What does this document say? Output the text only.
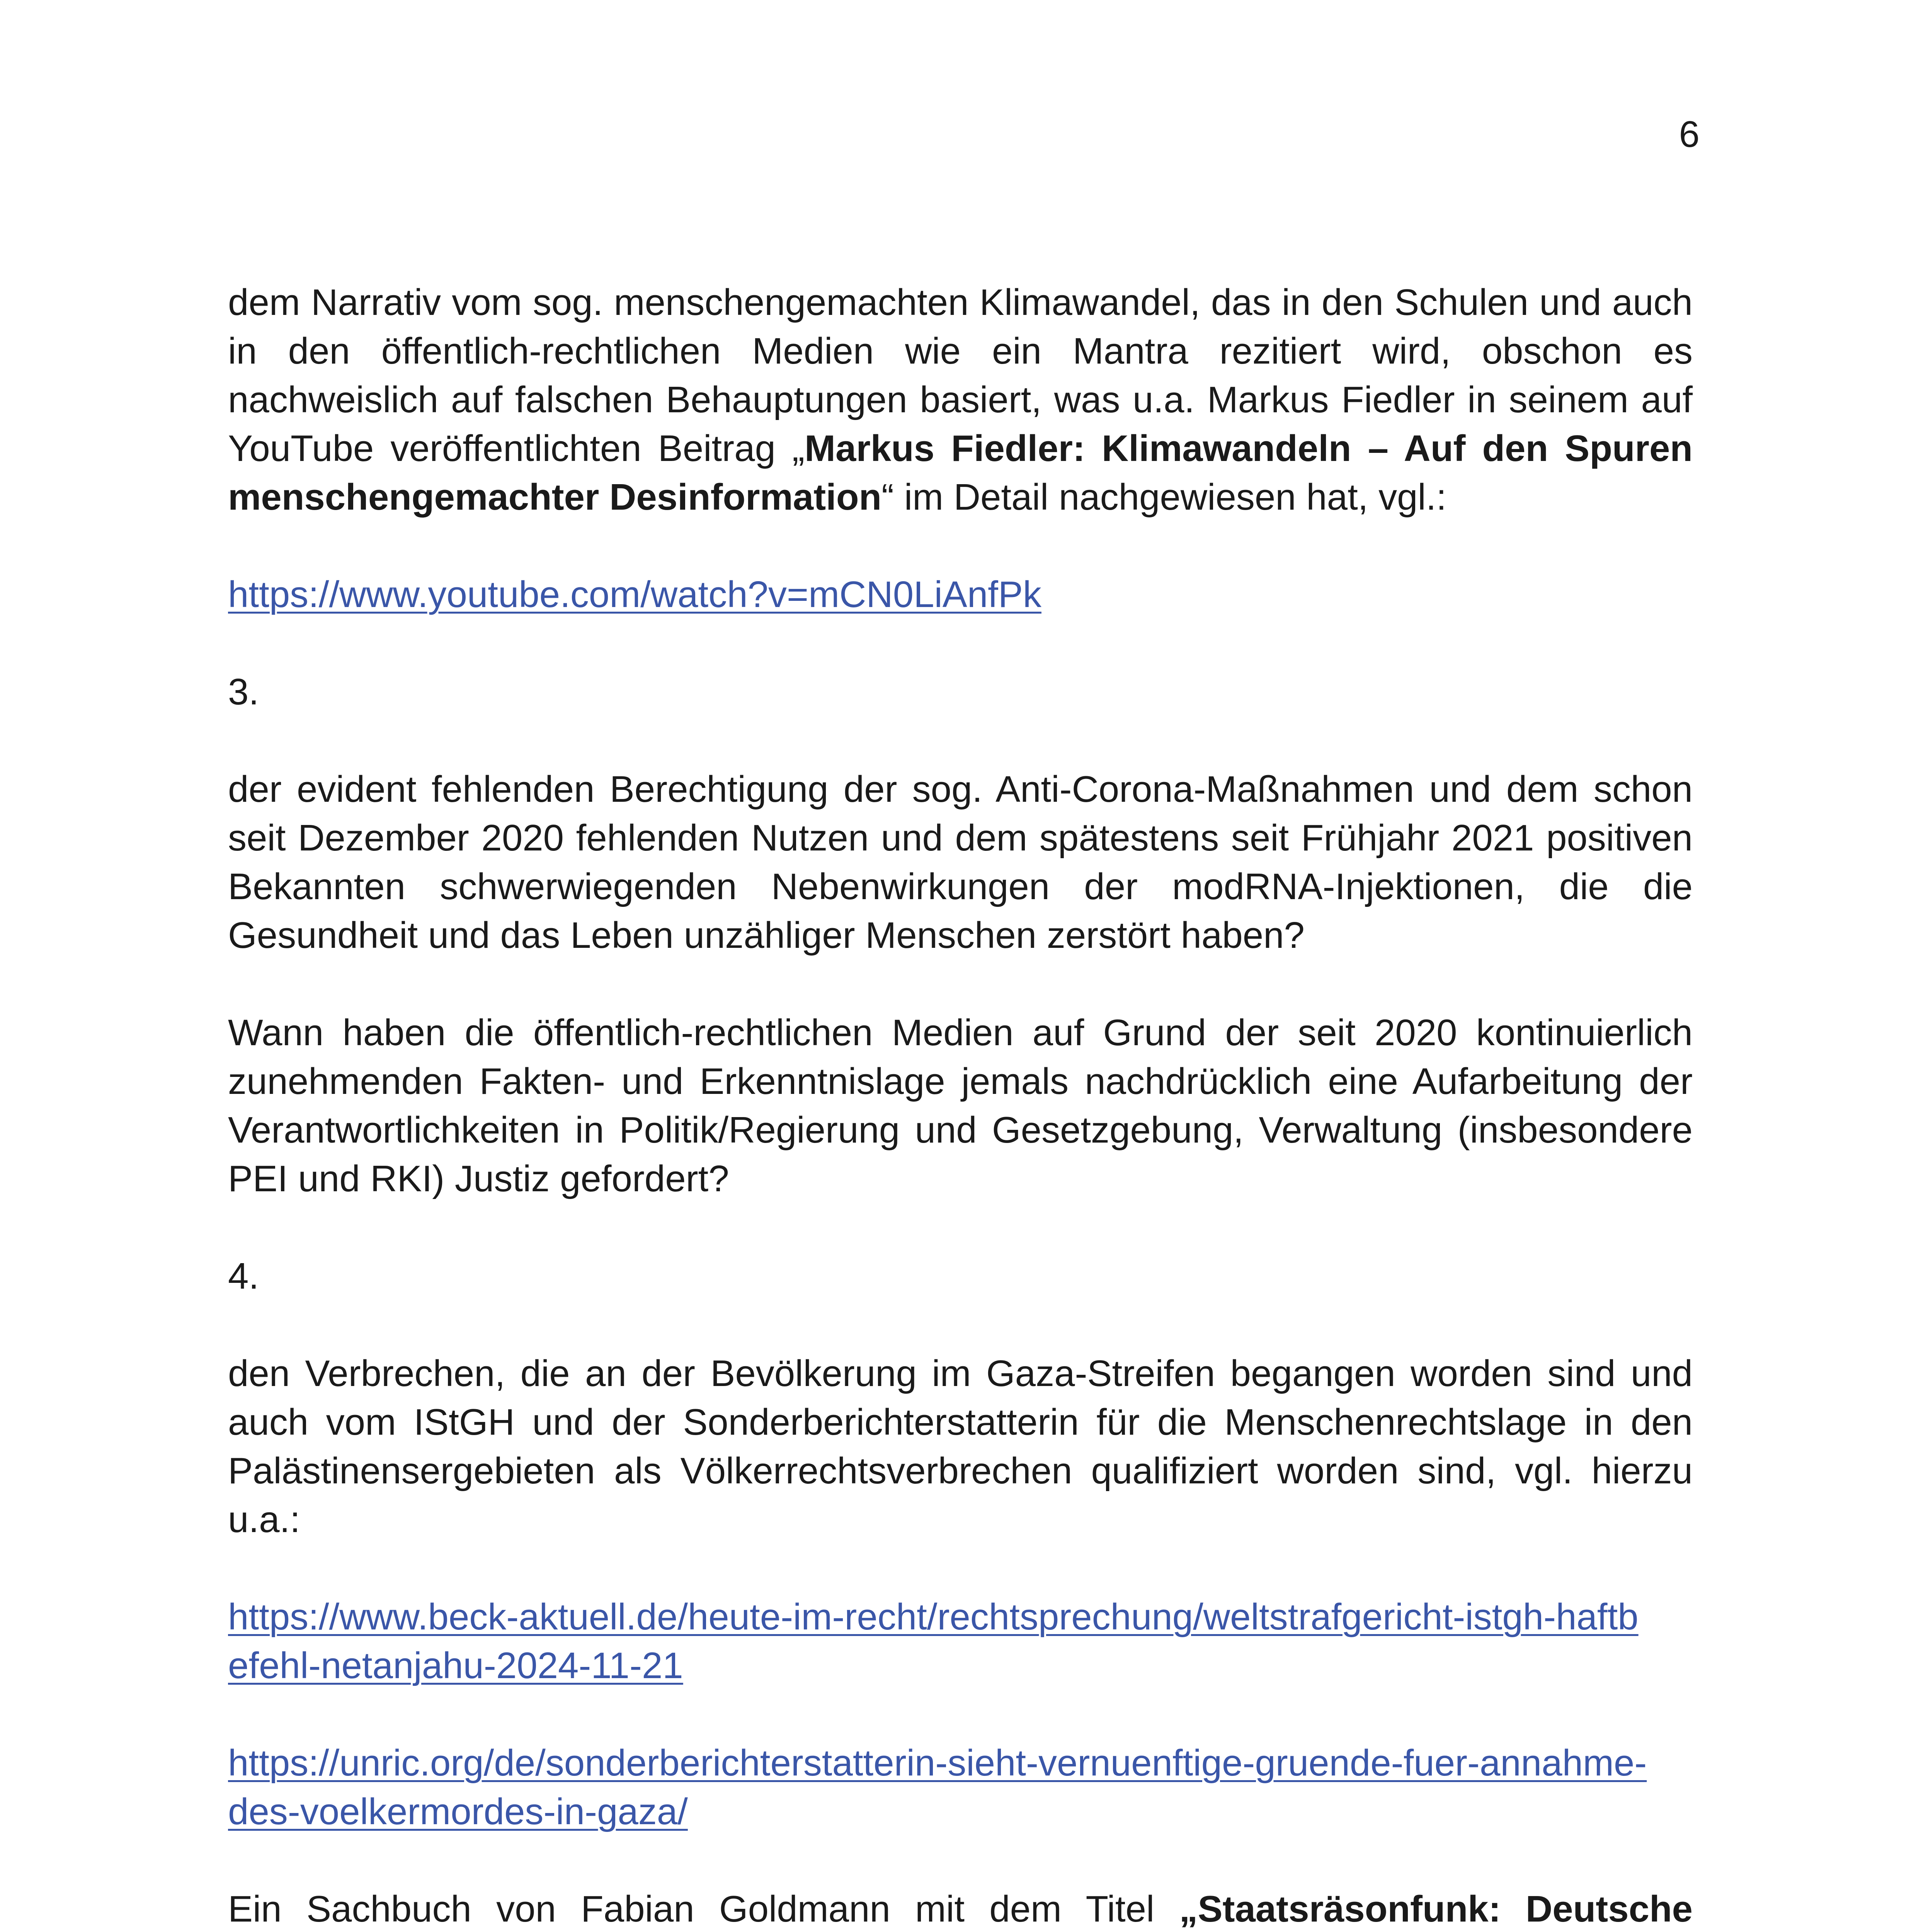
6

dem Narrativ vom sog. menschengemachten Klimawandel, das in den Schulen und auch in den öffentlich-rechtlichen Medien wie ein Mantra rezitiert wird, obschon es nachweislich auf falschen Behauptungen basiert, was u.a. Markus Fiedler in seinem auf YouTube veröffentlichten Beitrag „Markus Fiedler: Klimawandeln – Auf den Spuren menschengemachter Desinformation“ im Detail nachgewiesen hat, vgl.:

https://www.youtube.com/watch?v=mCN0LiAnfPk

3.

der evident fehlenden Berechtigung der sog. Anti-Corona-Maßnahmen und dem schon seit Dezember 2020 fehlenden Nutzen und dem spätestens seit Frühjahr 2021 positiven Bekannten schwerwiegenden Nebenwirkungen der modRNA-Injektionen, die die Gesundheit und das Leben unzähliger Menschen zerstört haben?

Wann haben die öffentlich-rechtlichen Medien auf Grund der seit 2020 kontinuierlich zunehmenden Fakten- und Erkenntnislage jemals nachdrücklich eine Aufarbeitung der Verantwortlichkeiten in Politik/Regierung und Gesetzgebung, Verwaltung (insbesondere PEI und RKI) Justiz gefordert?

4.

den Verbrechen, die an der Bevölkerung im Gaza-Streifen begangen worden sind und auch vom IStGH und der Sonderberichterstatterin für die Menschenrechtslage in den Palästinensergebieten als Völkerrechtsverbrechen qualifiziert worden sind, vgl. hierzu u.a.:

https://www.beck-aktuell.de/heute-im-recht/rechtsprechung/weltstrafgericht-istgh-haftbefehl-netanjahu-2024-11-21
https://unric.org/de/sonderberichterstatterin-sieht-vernuenftige-gruende-fuer-annahme-des-voelkermordes-in-gaza/

Ein Sachbuch von Fabian Goldmann mit dem Titel „Staatsräsonfunk: Deutsche
